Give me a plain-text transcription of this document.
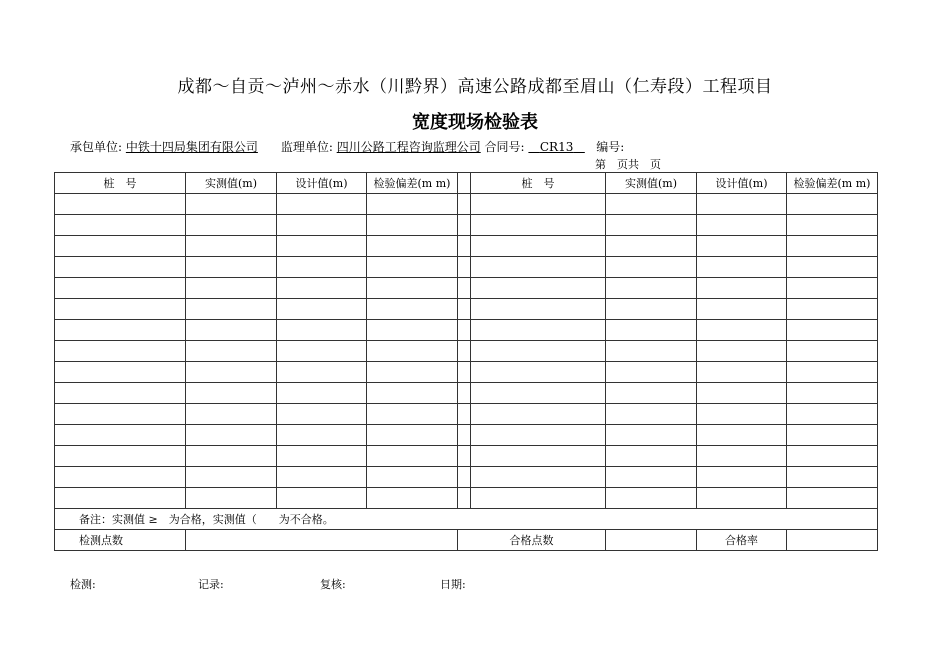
成都～自贡～泸州～赤水（川黔界）高速公路成都至眉山（仁寿段）工程项目
宽度现场检验表
承包单位: 中铁十四局集团有限公司 监理单位: 四川公路工程咨询监理公司 合同号: CR13 编号:
第　页共　页
桩　号	实测值(m)	设计值(m)	检验偏差(m m)		桩　号	实测值(m)	设计值(m)	检验偏差(m m)

备注：实测值 ≥　为合格，实测值（　　为不合格。								
检测点数				合格点数			合格率	
检测:	记录:	复核:	日期:
